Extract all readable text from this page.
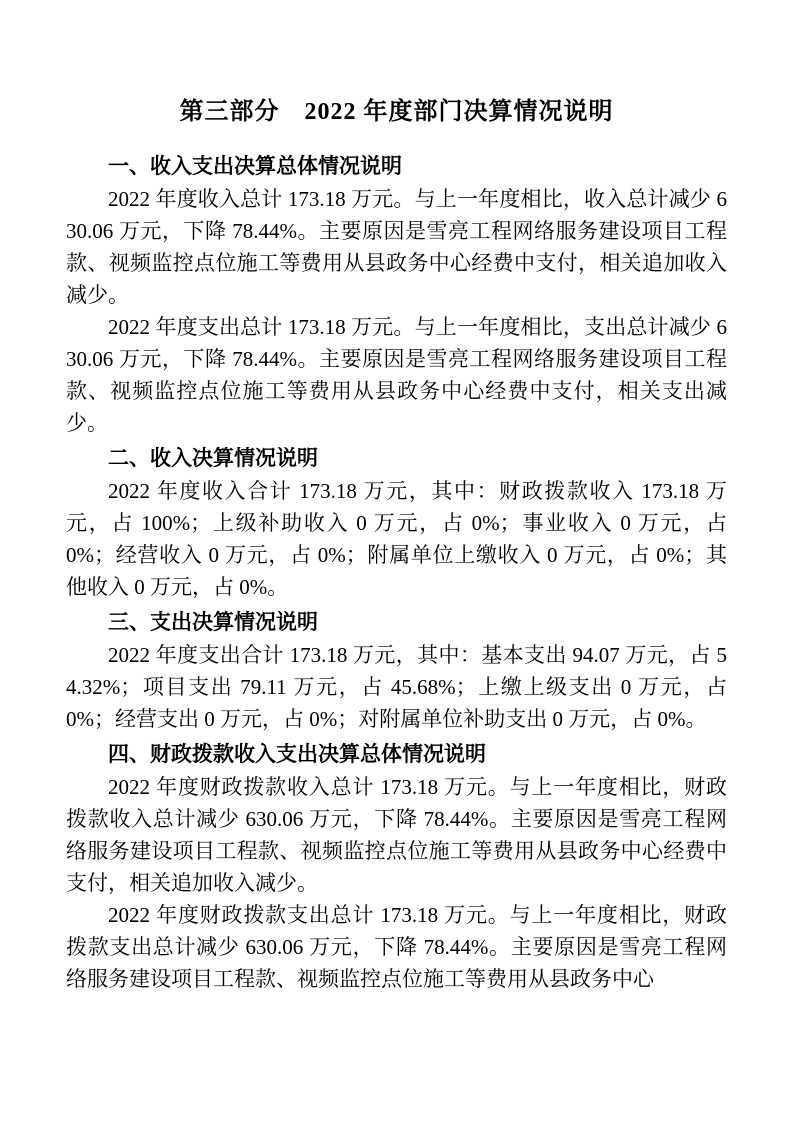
第三部分　2022 年度部门决算情况说明
一、收入支出决算总体情况说明

2022 年度收入总计 173.18 万元。与上一年度相比，收入总计减少 630.06 万元，下降 78.44%。主要原因是雪亮工程网络服务建设项目工程款、视频监控点位施工等费用从县政务中心经费中支付，相关追加收入减少。

2022 年度支出总计 173.18 万元。与上一年度相比，支出总计减少 630.06 万元，下降 78.44%。主要原因是雪亮工程网络服务建设项目工程款、视频监控点位施工等费用从县政务中心经费中支付，相关支出减少。

二、收入决算情况说明

2022 年度收入合计 173.18 万元，其中：财政拨款收入 173.18 万元，占 100%；上级补助收入 0 万元，占 0%；事业收入 0 万元，占 0%；经营收入 0 万元，占 0%；附属单位上缴收入 0 万元，占 0%；其他收入 0 万元，占 0%。

三、支出决算情况说明

2022 年度支出合计 173.18 万元，其中：基本支出 94.07 万元，占 54.32%；项目支出 79.11 万元，占 45.68%；上缴上级支出 0 万元，占 0%；经营支出 0 万元，占 0%；对附属单位补助支出 0 万元，占 0%。

四、财政拨款收入支出决算总体情况说明

2022 年度财政拨款收入总计 173.18 万元。与上一年度相比，财政拨款收入总计减少 630.06 万元，下降 78.44%。主要原因是雪亮工程网络服务建设项目工程款、视频监控点位施工等费用从县政务中心经费中支付，相关追加收入减少。

2022 年度财政拨款支出总计 173.18 万元。与上一年度相比，财政拨款支出总计减少 630.06 万元，下降 78.44%。主要原因是雪亮工程网络服务建设项目工程款、视频监控点位施工等费用从县政务中心
